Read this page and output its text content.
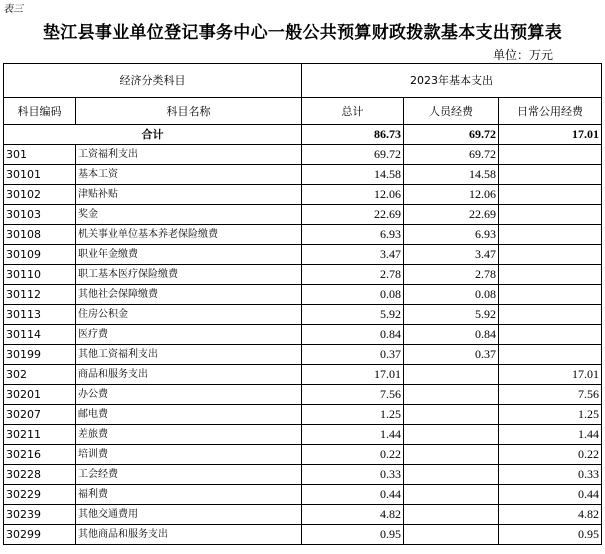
表三
垫江县事业单位登记事务中心一般公共预算财政拨款基本支出预算表
单位：万元
经济分类科目		2023年基本支出		
科目编码	科目名称	总计	人员经费	日常公用经费
合计		86.73	69.72	17.01
301	工资福利支出	69.72	69.72	
30101	基本工资	14.58	14.58	
30102	津贴补贴	12.06	12.06	
30103	奖金	22.69	22.69	
30108	机关事业单位基本养老保险缴费	6.93	6.93	
30109	职业年金缴费	3.47	3.47	
30110	职工基本医疗保险缴费	2.78	2.78	
30112	其他社会保障缴费	0.08	0.08	
30113	住房公积金	5.92	5.92	
30114	医疗费	0.84	0.84	
30199	其他工资福利支出	0.37	0.37	
302	商品和服务支出	17.01		17.01
30201	办公费	7.56		7.56
30207	邮电费	1.25		1.25
30211	差旅费	1.44		1.44
30216	培训费	0.22		0.22
30228	工会经费	0.33		0.33
30229	福利费	0.44		0.44
30239	其他交通费用	4.82		4.82
30299	其他商品和服务支出	0.95		0.95
